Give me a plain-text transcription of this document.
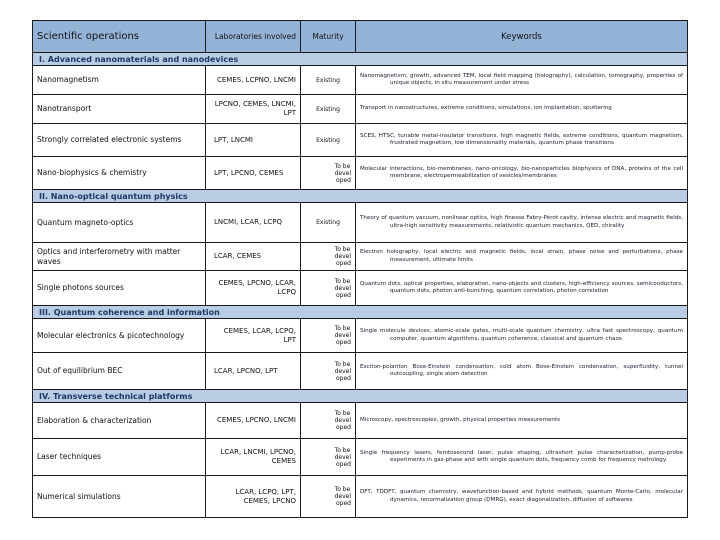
Scientific operations	Laboratories involved	Maturity	Keywords
I. Advanced nanomaterials and nanodevices			
Nanomagnetism	CEMES, LCPNO, LNCMI	Existing	Nanomagnetism, growth, advanced TEM, local field mapping (holography), calculation, tomography, properties of unique objects, in situ measurement under stress

Nanotransport	LPCNO, CEMES, LNCMI, LPT	Existing	Transport in nanostructures, extreme conditions, simulations, ion implantation, sputtering

Strongly correlated electronic systems	LPT, LNCMI	Existing	SCES, HTSC, tunable metal-insulator transitions, high magnetic fields, extreme conditions, quantum magnetism, frustrated magnetism, low dimensionality materials, quantum phase transitions

Nano-biophysics & chemistry	LPT, LPCNO, CEMES	To be
devel
oped	Molecular interactions, bio-membranes, nano-oncology, bio-nanoparticles biophysics of DNA, proteins of the cell membrane, electropermeabilization of vesicles/membranes

II. Nano-optical quantum physics			
Quantum magneto-optics	LNCMI, LCAR, LCPQ	Existing	Theory of quantum vacuum, nonlinear optics, high finesse Fabry-Pérot cavity, intense electric and magnetic fields, ultra-high sensitivity measurements, relativistic quantum mechanics, QED, chirality

Optics and interferometry with matter waves	LCAR, CEMES	To be
devel
oped	Electron holography, local electric and magnetic fields, local strain, phase noise and perturbations, phase measurement, ultimate limits

Single photons sources	CEMES, LPCNO, LCAR, LCPQ	To be
devel
oped	Quantum dots, optical properties, elaboration, nano-objects and clusters, high-efficiency sources, semiconductors, quantum dots, photon anti-bunching, quantum correlation, photon correlation

III. Quantum coherence and information			
Molecular electronics & picotechnology	CEMES, LCAR, LCPQ, LPT	To be
devel
oped	Single molecule devices, atomic-scale gates, multi-scale quantum chemistry, ultra fast spectroscopy, quantum computer, quantum algorithms, quantum coherence, classical and quantum chaos

Out of equilibrium BEC	LCAR, LPCNO, LPT	To be
devel
oped	Exciton-polariton Bose-Einstein condensation, cold atom Bose-Einstein condensation, superfluidity, tunnel outcoupling, single atom detection

IV. Transverse technical platforms			
Elaboration & characterization	CEMES, LPCNO, LNCMI	To be
devel
oped	Microscopy, spectroscopies, growth, physical properties measurements

Laser techniques	LCAR, LNCMI, LPCNO, CEMES	To be
devel
oped	Single frequency lasers, femtosecond laser, pulse shaping, ultrashort pulse characterization, pump-probe experiments in gas-phase and with single quantum dots, frequency comb for frequency metrology.

Numerical simulations	LCAR, LCPQ, LPT, CEMES, LPCNO	To be
devel
oped	DFT, TDDFT, quantum chemistry, wavefunction-based and hybrid methods, quantum Monte-Carlo, molecular dynamics, renormalization group (DMRG), exact diagonalization, diffusion of softwares
